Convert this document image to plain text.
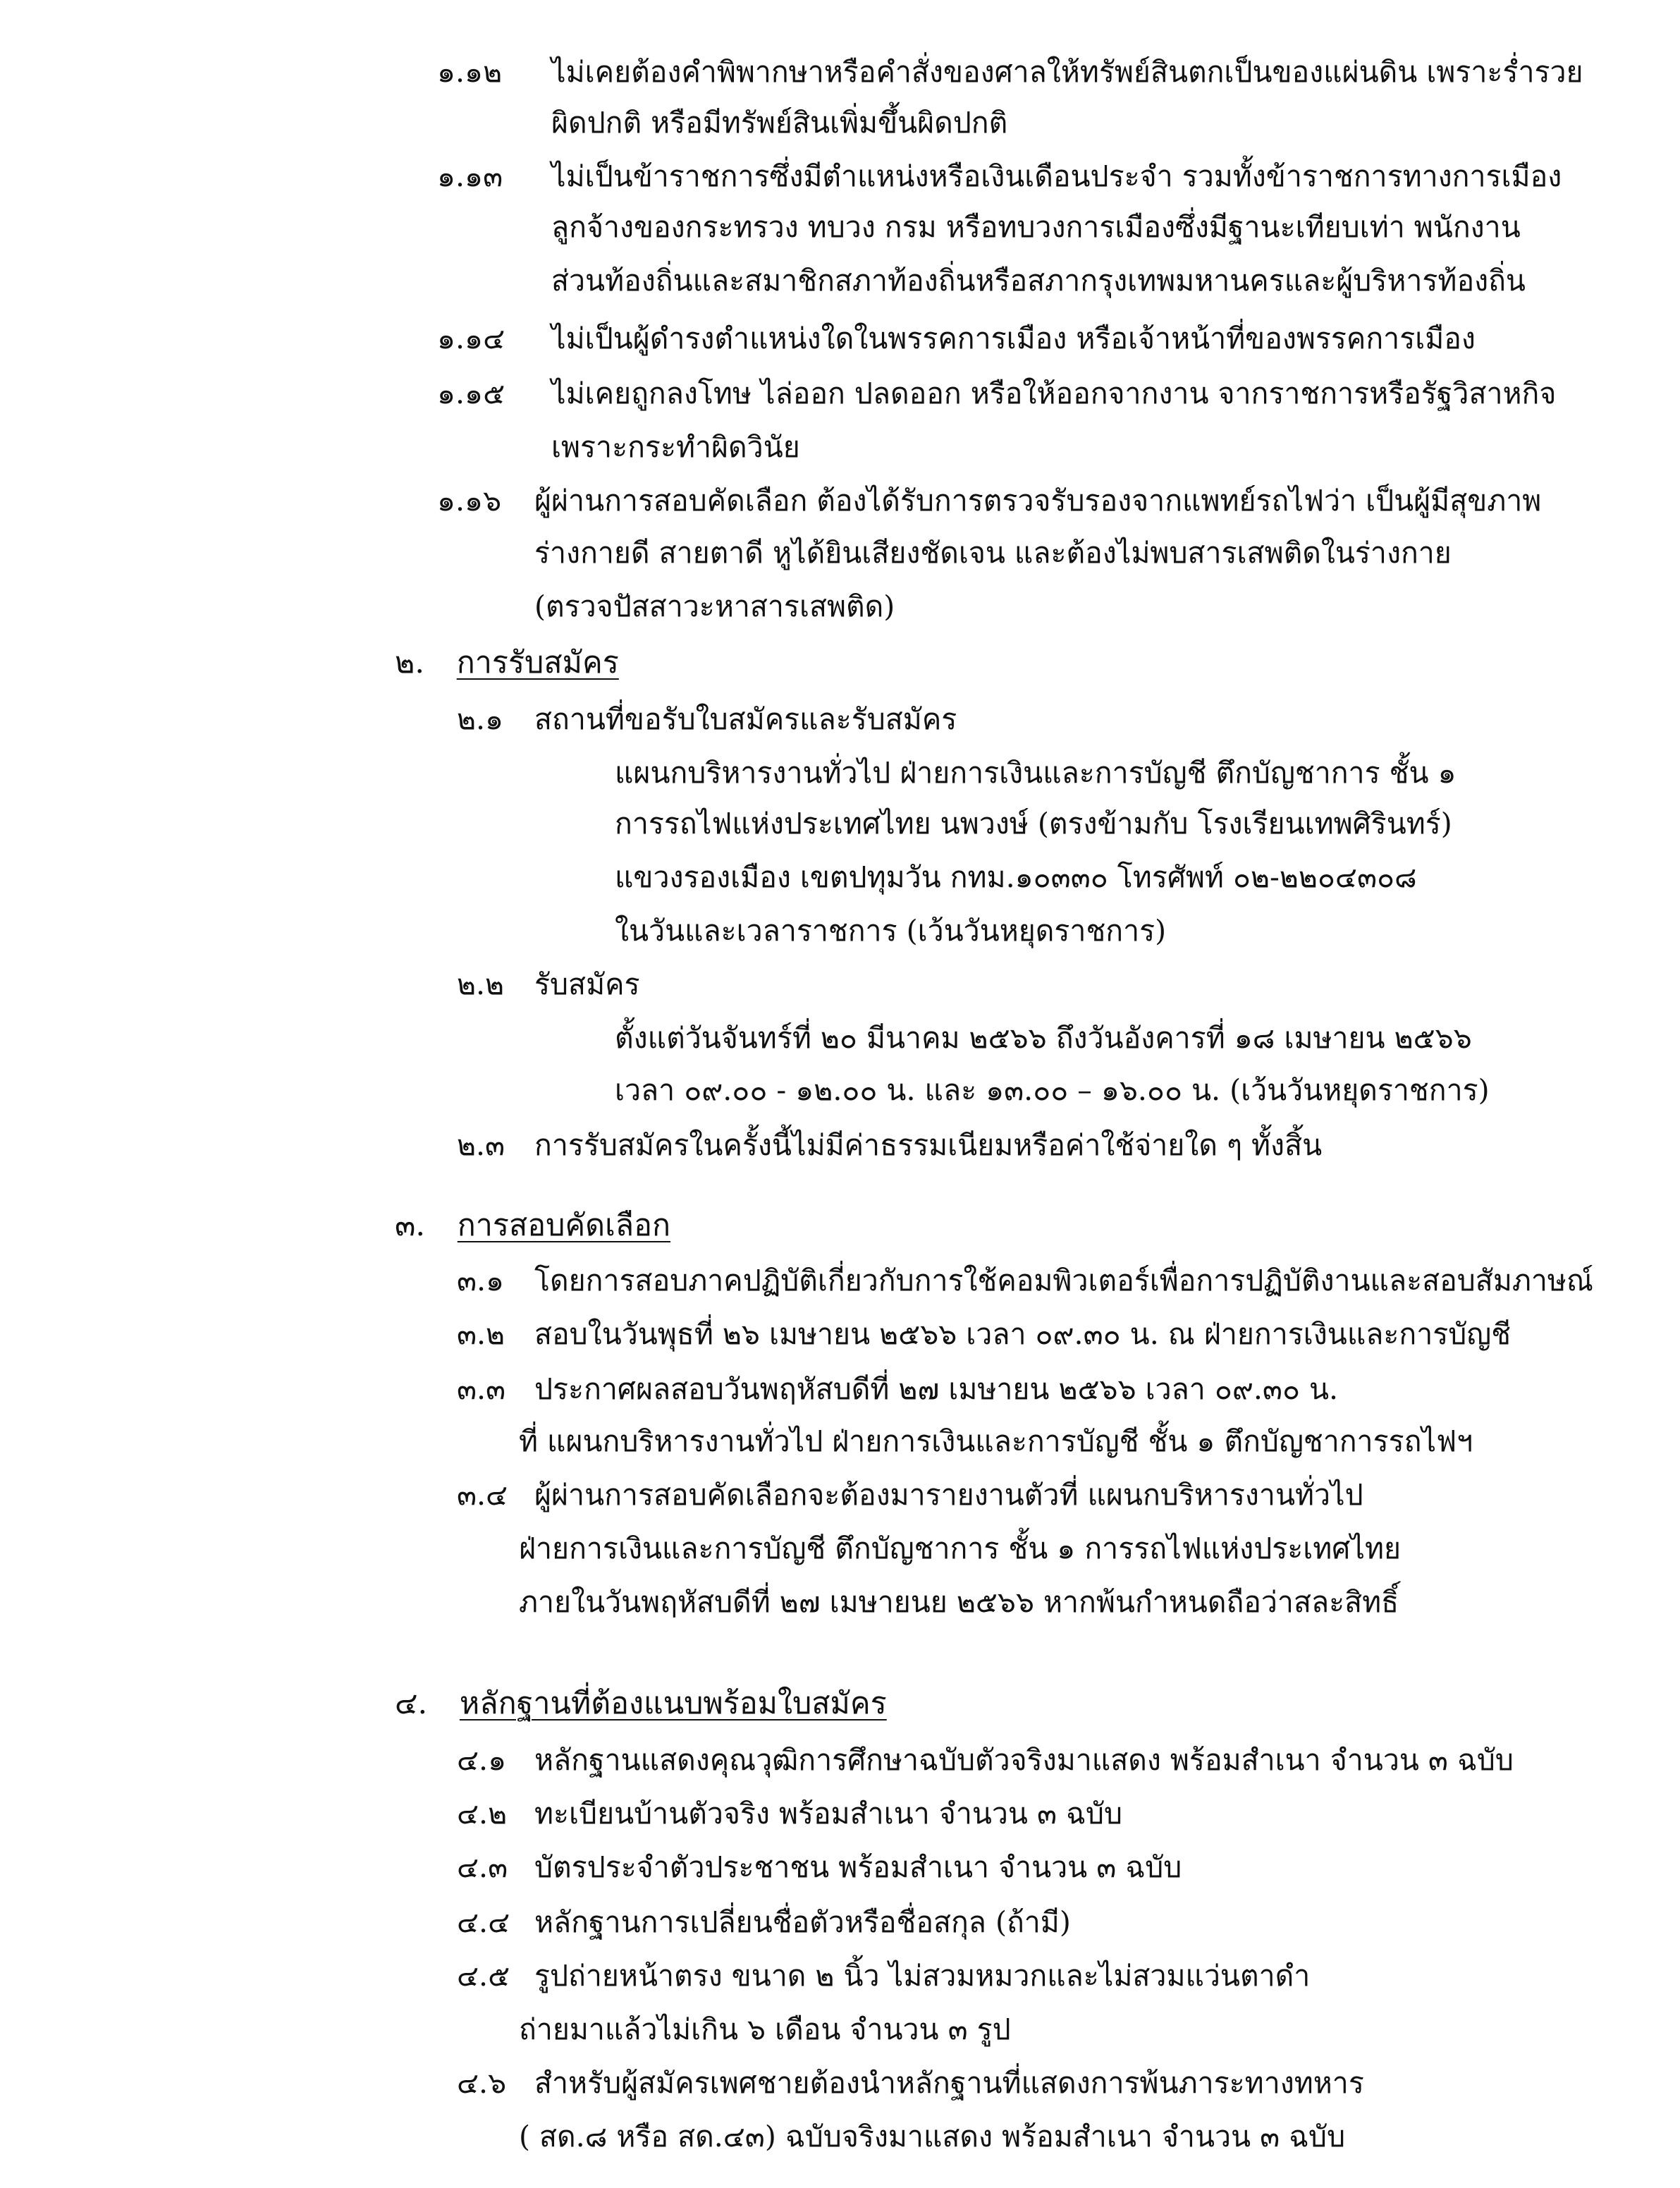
๑.๑๒ ไม่เคยต้องคำพิพากษาหรือคำสั่งของศาลให้ทรัพย์สินตกเป็นของแผ่นดิน เพราะร่ำรวย
ผิดปกติ หรือมีทรัพย์สินเพิ่มขึ้นผิดปกติ
๑.๑๓ ไม่เป็นข้าราชการซึ่งมีตำแหน่งหรือเงินเดือนประจำ รวมทั้งข้าราชการทางการเมือง
ลูกจ้างของกระทรวง ทบวง กรม หรือทบวงการเมืองซึ่งมีฐานะเทียบเท่า พนักงาน
ส่วนท้องถิ่นและสมาชิกสภาท้องถิ่นหรือสภากรุงเทพมหานครและผู้บริหารท้องถิ่น
๑.๑๔ ไม่เป็นผู้ดำรงตำแหน่งใดในพรรคการเมือง หรือเจ้าหน้าที่ของพรรคการเมือง
๑.๑๕ ไม่เคยถูกลงโทษ ไล่ออก ปลดออก หรือให้ออกจากงาน จากราชการหรือรัฐวิสาหกิจ
เพราะกระทำผิดวินัย
๑.๑๖ ผู้ผ่านการสอบคัดเลือก ต้องได้รับการตรวจรับรองจากแพทย์รถไฟว่า เป็นผู้มีสุขภาพ
ร่างกายดี สายตาดี หูได้ยินเสียงชัดเจน และต้องไม่พบสารเสพติดในร่างกาย
(ตรวจปัสสาวะหาสารเสพติด)
๒. การรับสมัคร
๒.๑ สถานที่ขอรับใบสมัครและรับสมัคร
แผนกบริหารงานทั่วไป ฝ่ายการเงินและการบัญชี ตึกบัญชาการ ชั้น ๑
การรถไฟแห่งประเทศไทย นพวงษ์ (ตรงข้ามกับ โรงเรียนเทพศิรินทร์)
แขวงรองเมือง เขตปทุมวัน กทม.๑๐๓๓๐ โทรศัพท์ ๐๒-๒๒๐๔๓๐๘
ในวันและเวลาราชการ (เว้นวันหยุดราชการ)
๒.๒ รับสมัคร
ตั้งแต่วันจันทร์ที่ ๒๐ มีนาคม ๒๕๖๖ ถึงวันอังคารที่ ๑๘ เมษายน ๒๕๖๖
เวลา ๐๙.๐๐ - ๑๒.๐๐ น. และ ๑๓.๐๐ – ๑๖.๐๐ น. (เว้นวันหยุดราชการ)
๒.๓ การรับสมัครในครั้งนี้ไม่มีค่าธรรมเนียมหรือค่าใช้จ่ายใด ๆ ทั้งสิ้น
๓. การสอบคัดเลือก
๓.๑ โดยการสอบภาคปฏิบัติเกี่ยวกับการใช้คอมพิวเตอร์เพื่อการปฏิบัติงานและสอบสัมภาษณ์
๓.๒ สอบในวันพุธที่ ๒๖ เมษายน ๒๕๖๖ เวลา ๐๙.๓๐ น. ณ ฝ่ายการเงินและการบัญชี
๓.๓ ประกาศผลสอบวันพฤหัสบดีที่ ๒๗ เมษายน ๒๕๖๖ เวลา ๐๙.๓๐ น.
ที่ แผนกบริหารงานทั่วไป ฝ่ายการเงินและการบัญชี ชั้น ๑ ตึกบัญชาการรถไฟฯ
๓.๔ ผู้ผ่านการสอบคัดเลือกจะต้องมารายงานตัวที่ แผนกบริหารงานทั่วไป
ฝ่ายการเงินและการบัญชี ตึกบัญชาการ ชั้น ๑ การรถไฟแห่งประเทศไทย
ภายในวันพฤหัสบดีที่ ๒๗ เมษายนย ๒๕๖๖ หากพ้นกำหนดถือว่าสละสิทธิ์
๔. หลักฐานที่ต้องแนบพร้อมใบสมัคร
๔.๑ หลักฐานแสดงคุณวุฒิการศึกษาฉบับตัวจริงมาแสดง พร้อมสำเนา จำนวน ๓ ฉบับ
๔.๒ ทะเบียนบ้านตัวจริง พร้อมสำเนา จำนวน ๓ ฉบับ
๔.๓ บัตรประจำตัวประชาชน พร้อมสำเนา จำนวน ๓ ฉบับ
๔.๔ หลักฐานการเปลี่ยนชื่อตัวหรือชื่อสกุล (ถ้ามี)
๔.๕ รูปถ่ายหน้าตรง ขนาด ๒ นิ้ว ไม่สวมหมวกและไม่สวมแว่นตาดำ
ถ่ายมาแล้วไม่เกิน ๖ เดือน จำนวน ๓ รูป
๔.๖ สำหรับผู้สมัครเพศชายต้องนำหลักฐานที่แสดงการพ้นภาระทางทหาร
( สด.๘ หรือ สด.๔๓) ฉบับจริงมาแสดง พร้อมสำเนา จำนวน ๓ ฉบับ
